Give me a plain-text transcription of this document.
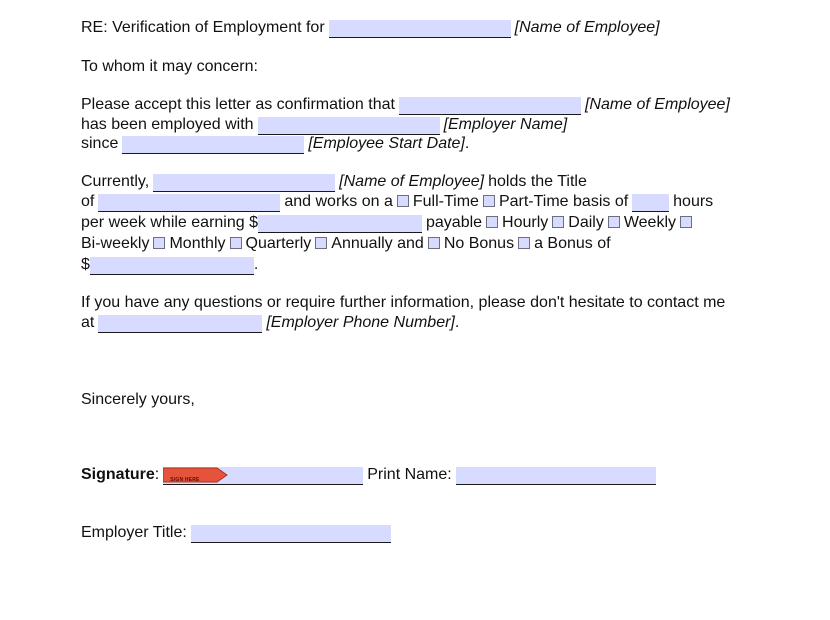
RE: Verification of Employment for	[Name of Employee]
To whom it may concern:
Please accept this letter as confirmation that	[Name of Employee]
has been employed with	[Employer Name]
since	[Employee Start Date].
Currently,	[Name of Employee] holds the Title
of	and works on a Full-Time Part-Time basis of	hours
per week while earning $	payable Hourly Daily Weekly
Bi-weekly Monthly Quarterly Annually and No Bonus a Bonus of
$	.
If you have any questions or require further information, please don't hesitate to contact me
at	[Employer Phone Number].
Sincerely yours,
Signature: SIGN HERE	Print Name:
Employer Title:
